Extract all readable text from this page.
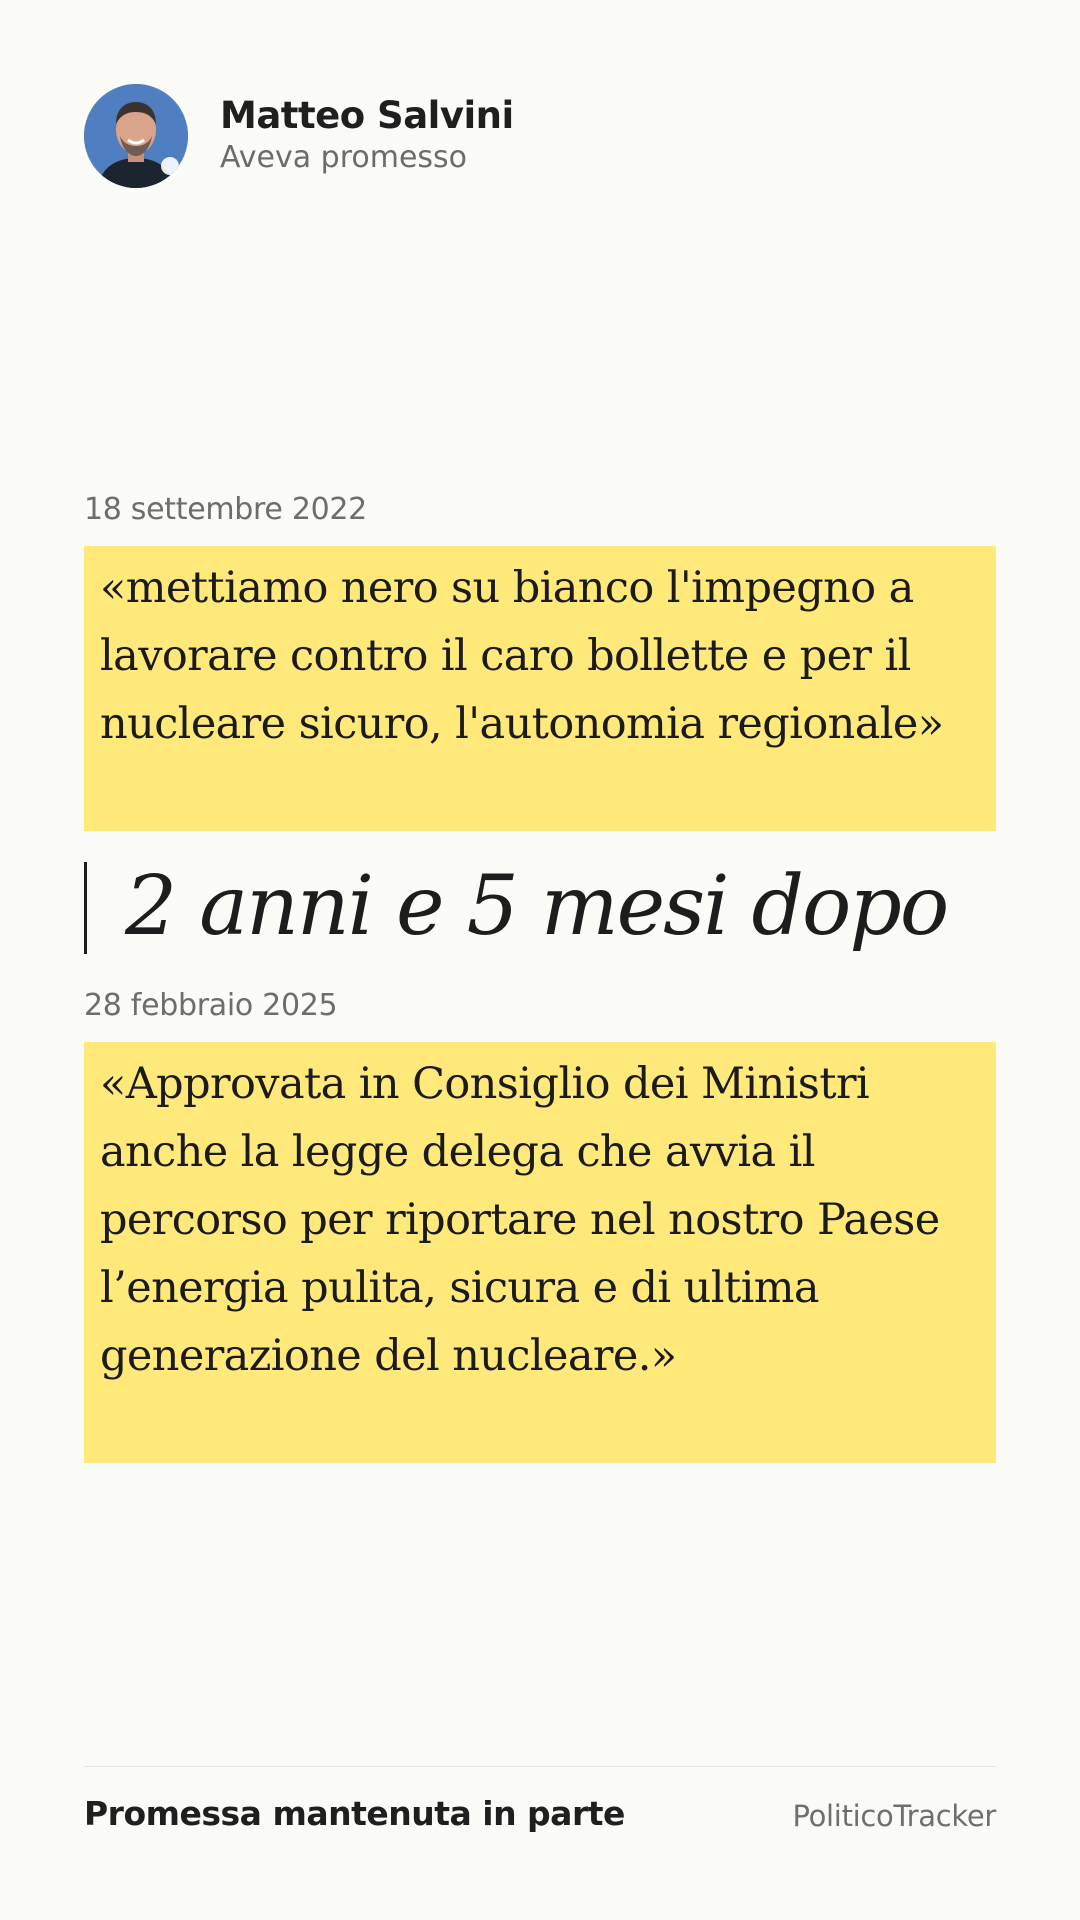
Matteo Salvini
Aveva promesso
18 settembre 2022
«mettiamo nero su bianco l'impegno a lavorare contro il caro bollette e per il nucleare sicuro, l'autonomia regionale»
2 anni e 5 mesi dopo
28 febbraio 2025
«Approvata in Consiglio dei Ministri anche la legge delega che avvia il percorso per riportare nel nostro Paese l’energia pulita, sicura e di ultima generazione del nucleare.»
Promessa mantenuta in parte	PoliticoTracker
